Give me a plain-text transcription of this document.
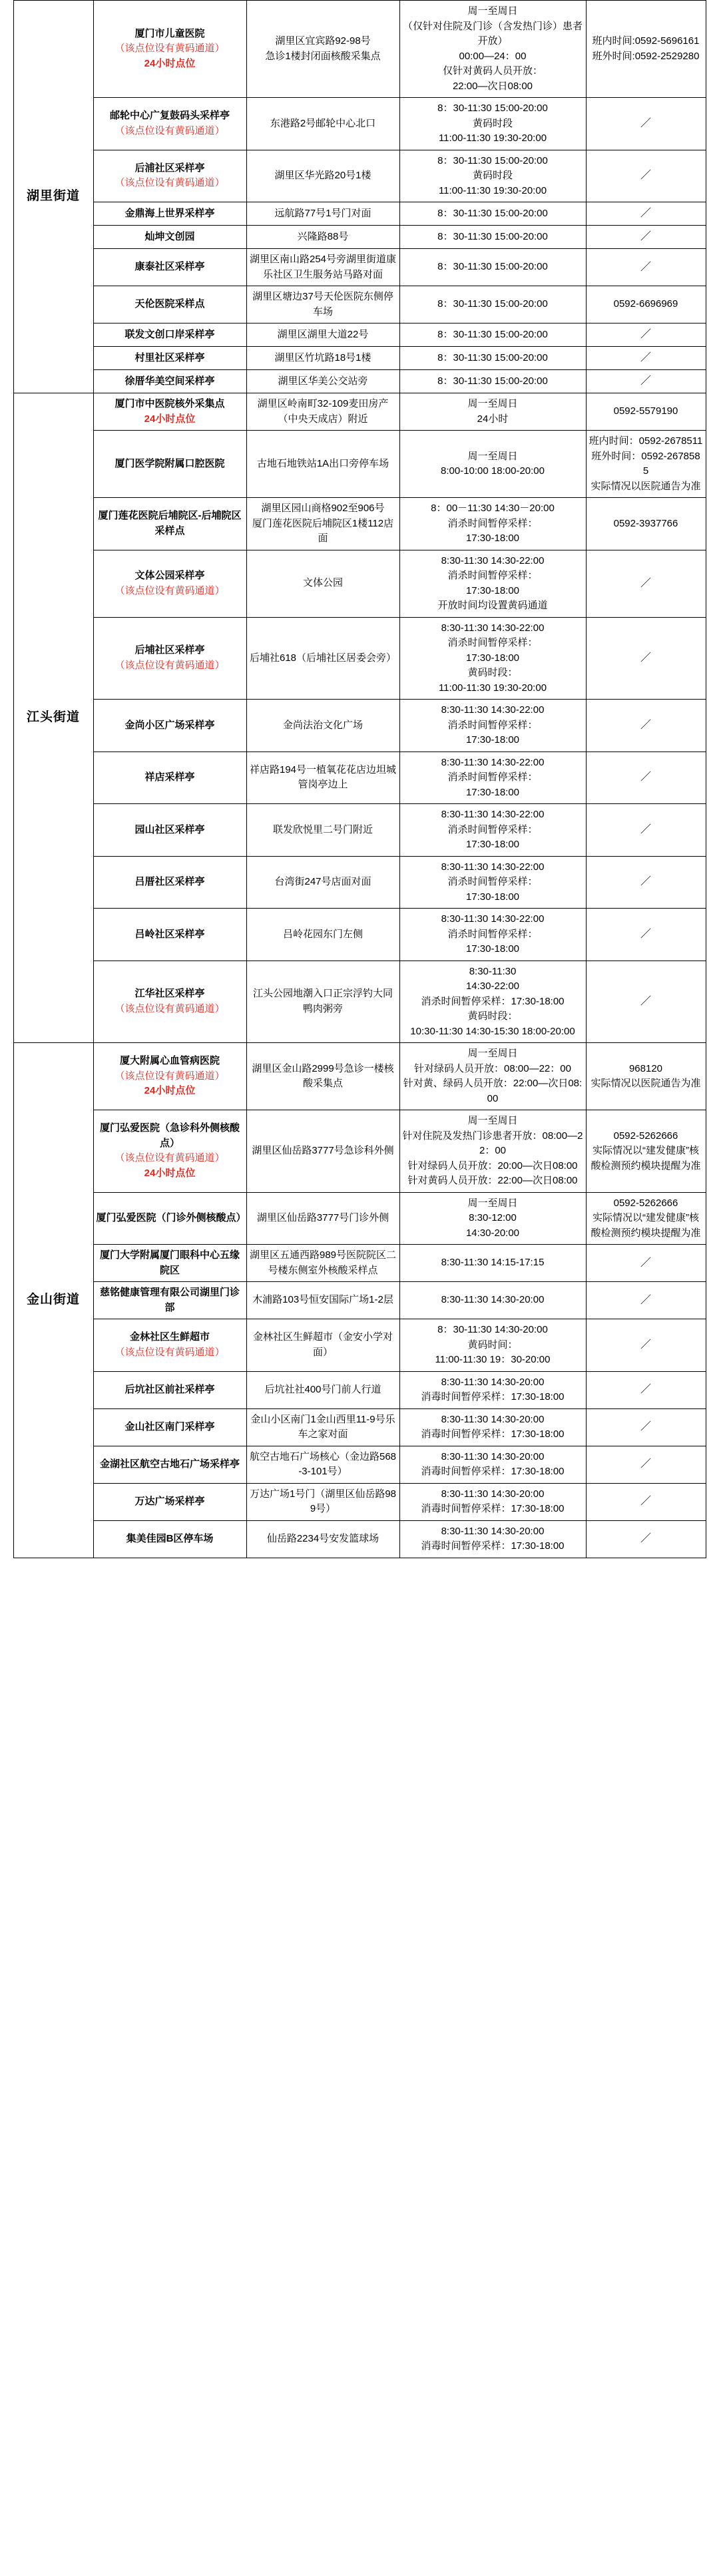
湖里街道	厦门市儿童医院
（该点位设有黄码通道）
24小时点位	湖里区宜宾路92-98号
急诊1楼封闭面核酸采集点	周一至周日
（仅针对住院及门诊（含发热门诊）患者开放）
00:00—24：00
仅针对黄码人员开放：
22:00—次日08:00	班内时间:0592-5696161
班外时间:0592-2529280

	邮轮中心广复鼓码头采样亭
（该点位设有黄码通道）	东港路2号邮轮中心北口	8：30-11:30 15:00-20:00
黄码时段
11:00-11:30 19:30-20:00	／

	后浦社区采样亭
（该点位设有黄码通道）	湖里区华光路20号1楼	8：30-11:30 15:00-20:00
黄码时段
11:00-11:30 19:30-20:00	／

	金鼎海上世界采样亭	远航路77号1号门对面	8：30-11:30 15:00-20:00	／

	灿坤文创园	兴隆路88号	8：30-11:30 15:00-20:00	／

	康泰社区采样亭	湖里区南山路254号旁湖里街道康乐社区卫生服务站马路对面	8：30-11:30 15:00-20:00	／

	天伦医院采样点	湖里区塘边37号天伦医院东侧停车场	8：30-11:30 15:00-20:00	0592-6696969

	联发文创口岸采样亭	湖里区湖里大道22号	8：30-11:30 15:00-20:00	／

	村里社区采样亭	湖里区竹坑路18号1楼	8：30-11:30 15:00-20:00	／

	徐厝华美空间采样亭	湖里区华美公交站旁	8：30-11:30 15:00-20:00	／
江头街道	厦门市中医院核外采集点
24小时点位	湖里区岭南町32-109麦田房产（中央天成店）附近	周一至周日
24小时	0592-5579190

	厦门医学院附属口腔医院	古地石地铁站1A出口旁停车场	周一至周日
8:00-10:00 18:00-20:00	班内时间：0592-2678511
班外时间：0592-2678585
实际情况以医院通告为准

	厦门莲花医院后埔院区-后埔院区采样点	湖里区园山商格902至906号
厦门莲花医院后埔院区1楼112店面	8：00－11:30 14:30－20:00
消杀时间暂停采样：
17:30-18:00	0592-3937766

	文体公园采样亭
（该点位设有黄码通道）	文体公园	8:30-11:30 14:30-22:00
消杀时间暂停采样：
17:30-18:00
开放时间均设置黄码通道	／

	后埔社区采样亭
（该点位设有黄码通道）	后埔社618（后埔社区居委会旁）	8:30-11:30 14:30-22:00
消杀时间暂停采样：
17:30-18:00
黄码时段：
11:00-11:30 19:30-20:00	／

	金尚小区广场采样亭	金尚法治文化广场	8:30-11:30 14:30-22:00
消杀时间暂停采样：
17:30-18:00	／

	祥店采样亭	祥店路194号一植氧花花店边坦城管岗亭边上	8:30-11:30 14:30-22:00
消杀时间暂停采样：
17:30-18:00	／

	园山社区采样亭	联发欣悦里二号门附近	8:30-11:30 14:30-22:00
消杀时间暂停采样：
17:30-18:00	／

	吕厝社区采样亭	台湾街247号店面对面	8:30-11:30 14:30-22:00
消杀时间暂停采样：
17:30-18:00	／

	吕岭社区采样亭	吕岭花园东门左侧	8:30-11:30 14:30-22:00
消杀时间暂停采样：
17:30-18:00	／

	江华社区采样亭
（该点位设有黄码通道）	江头公园地潮入口正宗浮钓大同鸭肉粥旁	8:30-11:30
14:30-22:00
消杀时间暂停采样：17:30-18:00
黄码时段：
10:30-11:30 14:30-15:30 18:00-20:00	／
金山街道	厦大附属心血管病医院
（该点位设有黄码通道）
24小时点位	湖里区金山路2999号急诊一楼核酸采集点	周一至周日
针对绿码人员开放：08:00—22：00
针对黄、绿码人员开放：22:00—次日08:00	968120
实际情况以医院通告为准

	厦门弘爱医院（急诊科外侧核酸点）
（该点位设有黄码通道）
24小时点位	湖里区仙岳路3777号急诊科外侧	周一至周日
针对住院及发热门诊患者开放：08:00—22：00
针对绿码人员开放：20:00—次日08:00
针对黄码人员开放：22:00—次日08:00	0592-5262666
实际情况以“建发健康”核酸检测预约模块提醒为准

	厦门弘爱医院（门诊外侧核酸点）	湖里区仙岳路3777号门诊外侧	周一至周日
8:30-12:00
14:30-20:00	0592-5262666
实际情况以“建发健康”核酸检测预约模块提醒为准

	厦门大学附属厦门眼科中心五缘院区	湖里区五通西路989号医院院区二号楼东侧室外核酸采样点	8:30-11:30 14:15-17:15	／

	慈铭健康管理有限公司湖里门诊部	木浦路103号恒安国际广场1-2层	8:30-11:30 14:30-20:00	／

	金林社区生鲜超市
（该点位设有黄码通道）	金林社区生鲜超市（金安小学对面）	8：30-11:30 14:30-20:00
黄码时间：
11:00-11:30 19：30-20:00	／

	后坑社区前社采样亭	后坑社社400号门前人行道	8:30-11:30 14:30-20:00
消毒时间暂停采样：17:30-18:00	／

	金山社区南门采样亭	金山小区南门1金山西里11-9号乐车之家对面	8:30-11:30 14:30-20:00
消毒时间暂停采样：17:30-18:00	／

	金湖社区航空古地石广场采样亭	航空古地石广场核心（金边路568-3-101号）	8:30-11:30 14:30-20:00
消毒时间暂停采样：17:30-18:00	／

	万达广场采样亭	万达广场1号门（湖里区仙岳路989号）	8:30-11:30 14:30-20:00
消毒时间暂停采样：17:30-18:00	／

	集美佳园B区停车场	仙岳路2234号安发篮球场	8:30-11:30 14:30-20:00
消毒时间暂停采样：17:30-18:00	／
